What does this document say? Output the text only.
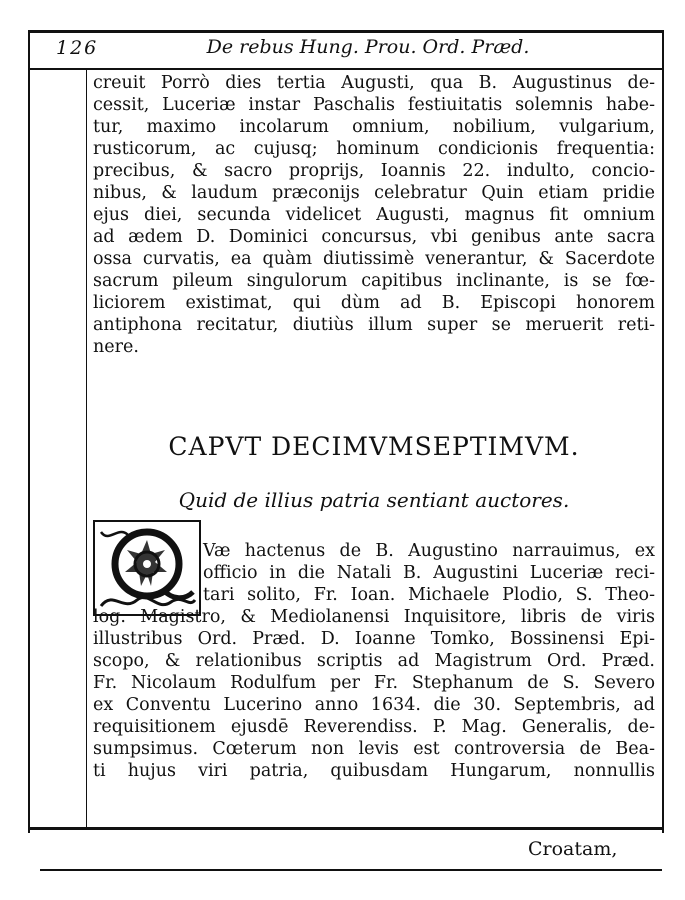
126	De rebus Hung. Prou. Ord. Præd.
creuit Porrò dies tertia Augusti, qua B. Augustinus de-
cessit, Luceriæ instar Paschalis festiuitatis solemnis habe-
tur, maximo incolarum omnium, nobilium, vulgarium,
rusticorum, ac cujusq; hominum condicionis frequentia:
precibus, & sacro proprijs, Ioannis 22. indulto, concio-
nibus, & laudum præconijs celebratur Quin etiam pridie
ejus diei, secunda videlicet Augusti, magnus fit omnium
ad ædem D. Dominici concursus, vbi genibus ante sacra
ossa curvatis, ea quàm diutissimè venerantur, & Sacerdote
sacrum pileum singulorum capitibus inclinante, is se fœ-
liciorem existimat, qui dùm ad B. Episcopi honorem
antiphona recitatur, diutiùs illum super se meruerit reti-
nere.
CAPVT DECIMVMSEPTIMVM.
Quid de illius patria sentiant auctores.
Væ hactenus de B. Augustino narrauimus, ex
officio in die Natali B. Augustini Luceriæ reci-
tari solito, Fr. Ioan. Michaele Plodio, S. Theo-
log. Magistro, & Mediolanensi Inquisitore, libris de viris
illustribus Ord. Præd. D. Ioanne Tomko, Bossinensi Epi-
scopo, & relationibus scriptis ad Magistrum Ord. Præd.
Fr. Nicolaum Rodulfum per Fr. Stephanum de S. Severo
ex Conventu Lucerino anno 1634. die 30. Septembris, ad
requisitionem ejusdē Reverendiss. P. Mag. Generalis, de-
sumpsimus. Cœterum non levis est controversia de Bea-
ti hujus viri patria, quibusdam Hungarum, nonnullis
Croatam,
